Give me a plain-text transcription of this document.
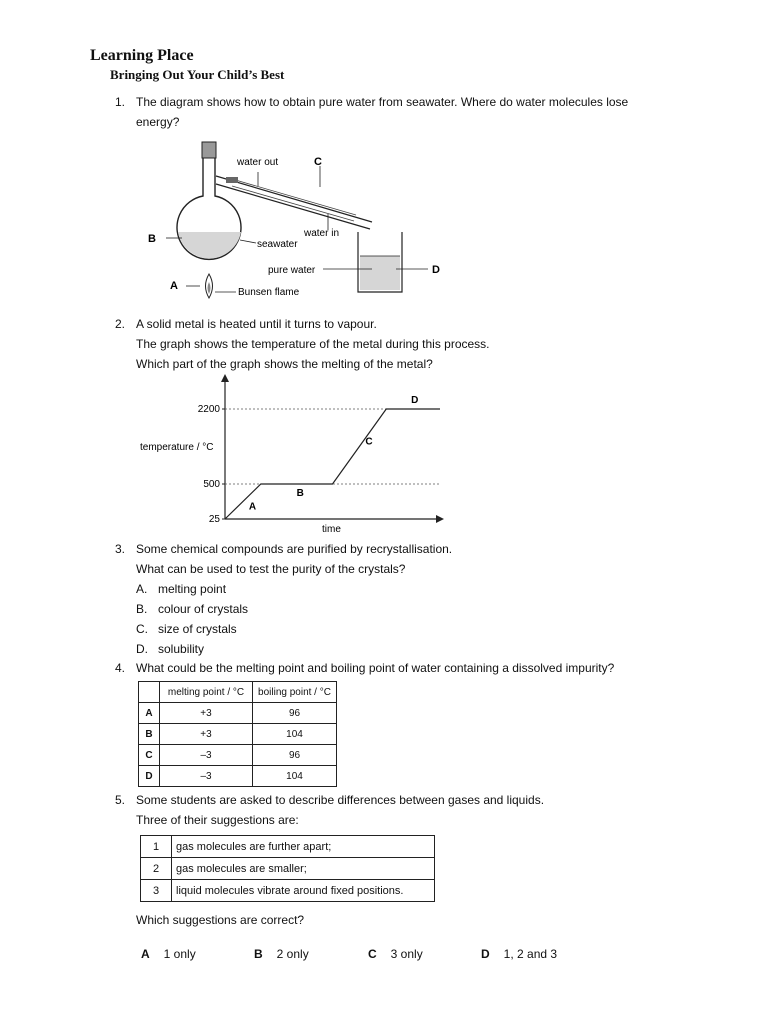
Learning Place
Bringing Out Your Child’s Best
1. The diagram shows how to obtain pure water from seawater. Where do water molecules lose
energy?
water out	C
water in
B	seawater
pure water	D
A
Bunsen flame
2. A solid metal is heated until it turns to vapour.
The graph shows the temperature of the metal during this process.
Which part of the graph shows the melting of the metal?
2200
500
25
temperature / °C
time
A
B
C
D
3. Some chemical compounds are purified by recrystallisation.
What can be used to test the purity of the crystals?
A. melting point
B. colour of crystals
C. size of crystals
D. solubility
4. What could be the melting point and boiling point of water containing a dissolved impurity?
	melting point / °C	boiling point / °C
A	+3	96
B	+3	104
C	–3	96
D	–3	104
5. Some students are asked to describe differences between gases and liquids.
Three of their suggestions are:
1	gas molecules are further apart;
2	gas molecules are smaller;
3	liquid molecules vibrate around fixed positions.
Which suggestions are correct?
A 1 only	B 2 only	C 3 only	D 1, 2 and 3
